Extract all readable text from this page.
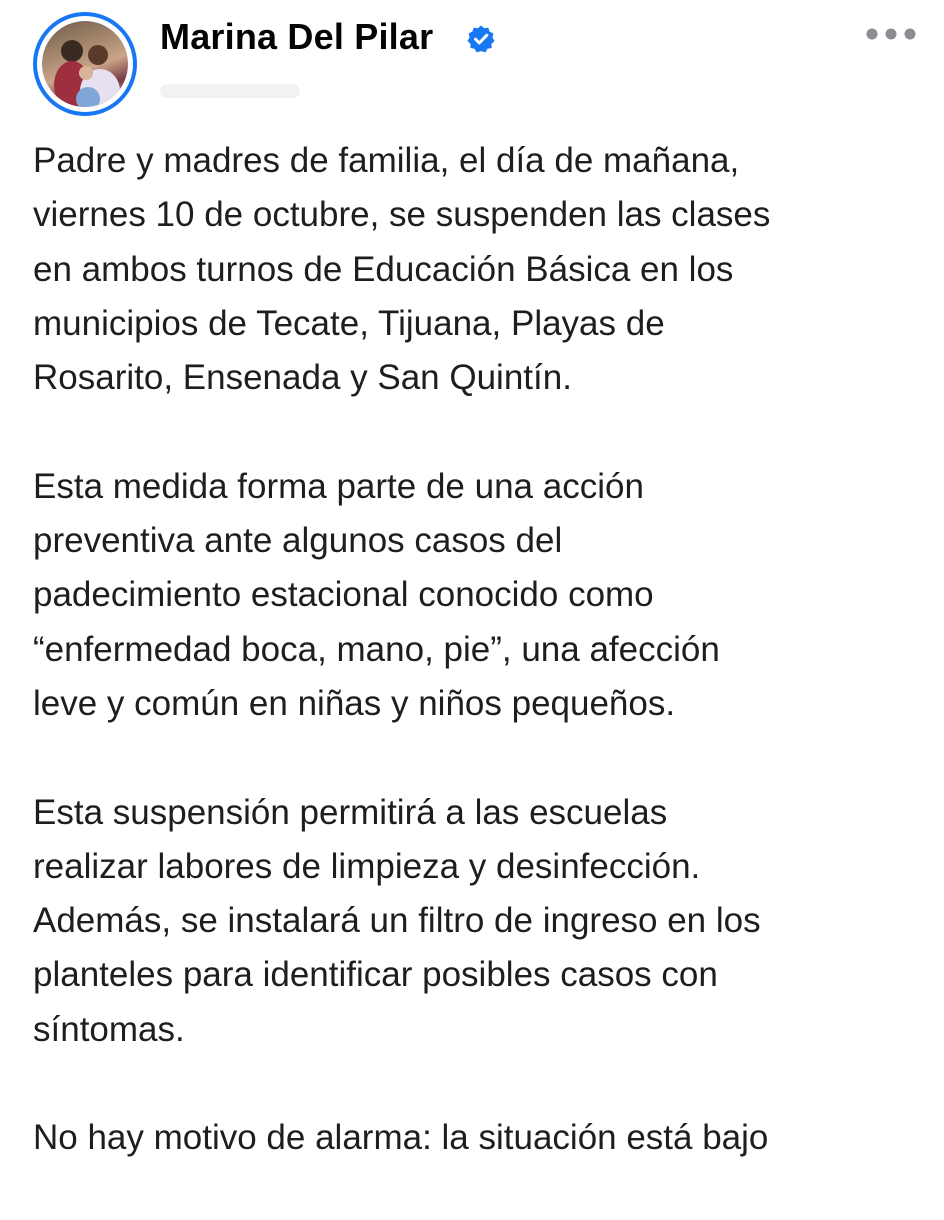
Marina Del Pilar

Padre y madres de familia, el día de mañana,
viernes 10 de octubre, se suspenden las clases
en ambos turnos de Educación Básica en los
municipios de Tecate, Tijuana, Playas de
Rosarito, Ensenada y San Quintín.

Esta medida forma parte de una acción
preventiva ante algunos casos del
padecimiento estacional conocido como
“enfermedad boca, mano, pie”, una afección
leve y común en niñas y niños pequeños.

Esta suspensión permitirá a las escuelas
realizar labores de limpieza y desinfección.
Además, se instalará un filtro de ingreso en los
planteles para identificar posibles casos con
síntomas.

No hay motivo de alarma: la situación está bajo
